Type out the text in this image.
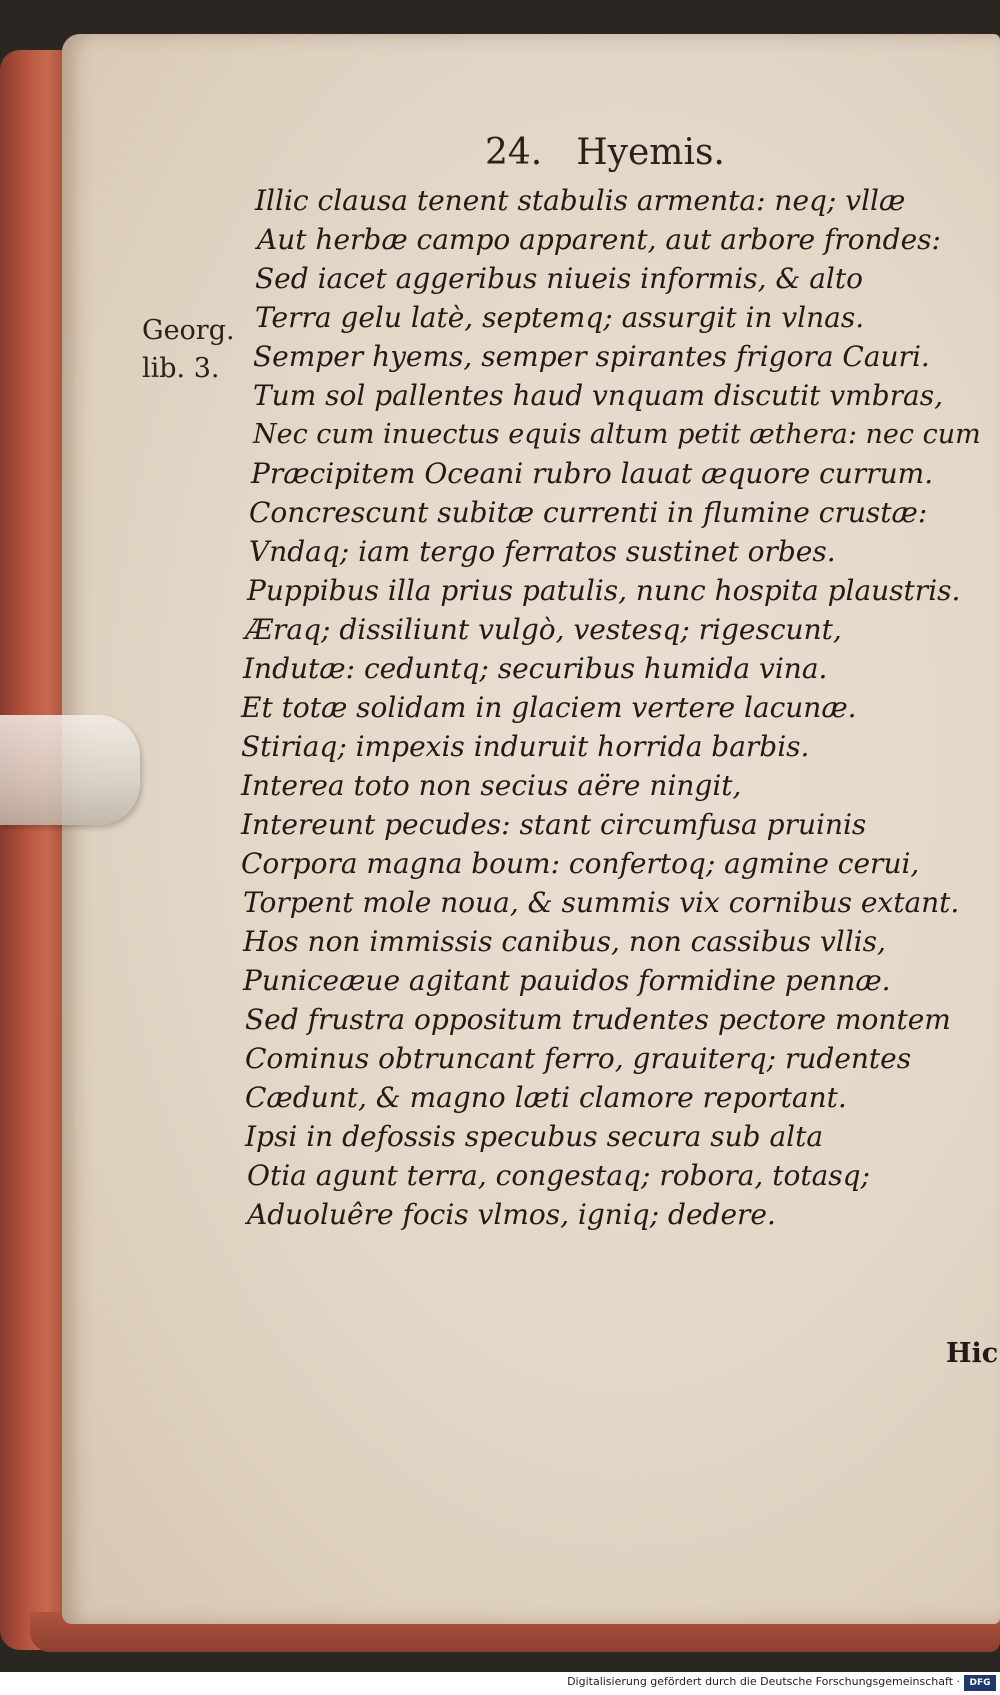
24. Hyemis.
Georg.
lib. 3.
Illic clausa tenent stabulis armenta: neq; vllæ
Aut herbæ campo apparent, aut arbore frondes:
Sed iacet aggeribus niueis informis, & alto
Terra gelu latè, septemq; assurgit in vlnas.
Semper hyems, semper spirantes frigora Cauri.
Tum sol pallentes haud vnquam discutit vmbras,
Nec cum inuectus equis altum petit æthera: nec cum
Præcipitem Oceani rubro lauat æquore currum.
Concrescunt subitæ currenti in flumine crustæ:
Vndaq; iam tergo ferratos sustinet orbes.
Puppibus illa prius patulis, nunc hospita plaustris.
Æraq; dissiliunt vulgò, vestesq; rigescunt,
Indutæ: ceduntq; securibus humida vina.
Et totæ solidam in glaciem vertere lacunæ.
Stiriaq; impexis induruit horrida barbis.
Interea toto non secius aëre ningit,
Intereunt pecudes: stant circumfusa pruinis
Corpora magna boum: confertoq; agmine cerui,
Torpent mole noua, & summis vix cornibus extant.
Hos non immissis canibus, non cassibus vllis,
Puniceæue agitant pauidos formidine pennæ.
Sed frustra oppositum trudentes pectore montem
Cominus obtruncant ferro, grauiterq; rudentes
Cædunt, & magno læti clamore reportant.
Ipsi in defossis specubus secura sub alta
Otia agunt terra, congestaq; robora, totasq;
Aduoluêre focis vlmos, igniq; dedere.
Hic
Digitalisierung gefördert durch die Deutsche Forschungsgemeinschaft ·	DFG
